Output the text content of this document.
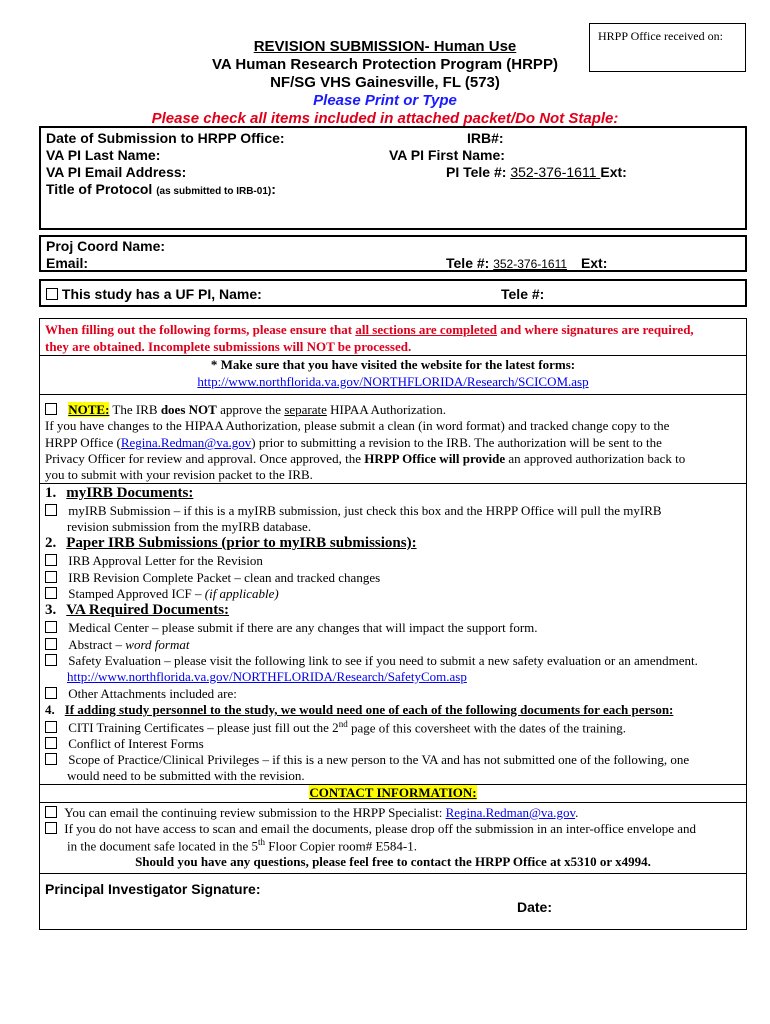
HRPP Office received on:
REVISION SUBMISSION- Human Use
VA Human Research Protection Program (HRPP)
NF/SG VHS Gainesville, FL (573)
Please Print or Type
Please check all items included in attached packet/Do Not Staple:
Date of Submission to HRPP Office:	IRB#:
VA PI Last Name:	VA PI First Name:
VA PI Email Address:	PI Tele #: 352-376-1611 Ext:
Title of Protocol (as submitted to IRB-01):
Proj Coord Name:
Email:	Tele #: 352-376-1611 Ext:
This study has a UF PI, Name:	Tele #:
When filling out the following forms, please ensure that all sections are completed and where signatures are required,
they are obtained. Incomplete submissions will NOT be processed.
* Make sure that you have visited the website for the latest forms:
http://www.northflorida.va.gov/NORTHFLORIDA/Research/SCICOM.asp
NOTE: The IRB does NOT approve the separate HIPAA Authorization.
If you have changes to the HIPAA Authorization, please submit a clean (in word format) and tracked change copy to the
HRPP Office (Regina.Redman@va.gov) prior to submitting a revision to the IRB. The authorization will be sent to the
Privacy Officer for review and approval. Once approved, the HRPP Office will provide an approved authorization back to
you to submit with your revision packet to the IRB.
1. myIRB Documents:
myIRB Submission – if this is a myIRB submission, just check this box and the HRPP Office will pull the myIRB
revision submission from the myIRB database.
2. Paper IRB Submissions (prior to myIRB submissions):
IRB Approval Letter for the Revision
IRB Revision Complete Packet – clean and tracked changes
Stamped Approved ICF – (if applicable)
3. VA Required Documents:
Medical Center – please submit if there are any changes that will impact the support form.
Abstract – word format
Safety Evaluation – please visit the following link to see if you need to submit a new safety evaluation or an amendment.
http://www.northflorida.va.gov/NORTHFLORIDA/Research/SafetyCom.asp
Other Attachments included are:
4. If adding study personnel to the study, we would need one of each of the following documents for each person:
CITI Training Certificates – please just fill out the 2nd page of this coversheet with the dates of the training.
Conflict of Interest Forms
Scope of Practice/Clinical Privileges – if this is a new person to the VA and has not submitted one of the following, one
would need to be submitted with the revision.
CONTACT INFORMATION:
You can email the continuing review submission to the HRPP Specialist: Regina.Redman@va.gov.
If you do not have access to scan and email the documents, please drop off the submission in an inter-office envelope and
in the document safe located in the 5th Floor Copier room# E584-1.
Should you have any questions, please feel free to contact the HRPP Office at x5310 or x4994.
Principal Investigator Signature:
Date:
